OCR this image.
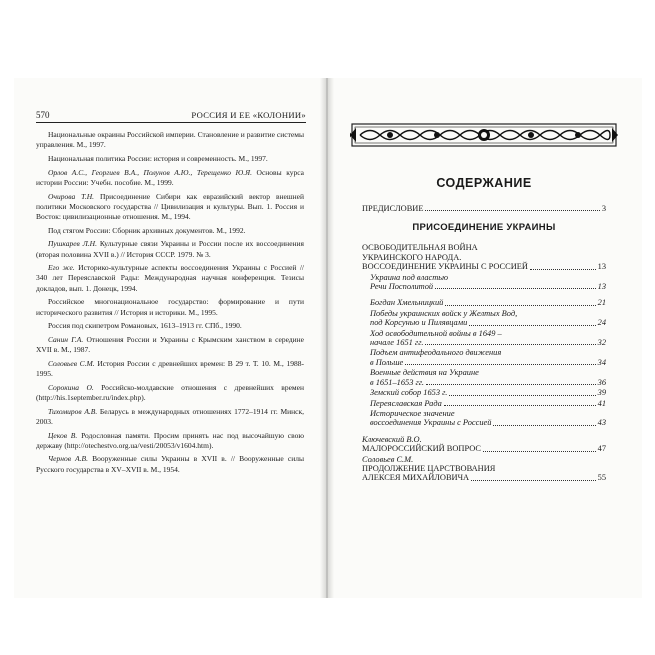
570	РОССИЯ И ЕЕ «КОЛОНИИ»

Национальные окраины Российской империи. Становление и развитие системы управления. М., 1997.

Национальная политика России: история и современность. М., 1997.

Орлов А.С., Георгиев В.А., Полунов А.Ю., Терещенко Ю.Я. Основы курса истории России: Учебн. пособие. М., 1999.

Очирова Т.Н. Присоединение Сибири как евразийский вектор внешней политики Московского государства // Цивилизация и культуры. Вып. 1. Россия и Восток: цивилизационные отношения. М., 1994.

Под стягом России: Сборник архивных документов. М., 1992.

Пушкарев Л.Н. Культурные связи Украины и России после их воссоединения (вторая половина XVII в.) // История СССР. 1979. № 3.

Его же. Историко-культурные аспекты воссоединения Украины с Россией // 340 лет Переяславской Рады: Международная научная конференция. Тезисы докладов, вып. 1. Донецк, 1994.

Российское многонациональное государство: формирование и пути исторического развития // История и историки. М., 1995.

Россия под скипетром Романовых, 1613–1913 гг. СПб., 1990.

Санин Г.А. Отношения России и Украины с Крымским ханством в середине XVII в. М., 1987.

Соловьев С.М. История России с древнейших времен: В 29 т. Т. 10. М., 1988-1995.

Сорокина О. Российско-молдавские отношения с древнейших времен (http://his.1september.ru/index.php).

Тихомиров А.В. Беларусь в международных отношениях 1772–1914 гг. Минск, 2003.

Цеков В. Родословная памяти. Просим принять нас под высочайшую свою державу (http://otechestvo.org.ua/vesti/20053/v1604.htm).

Чернов А.В. Вооруженные силы Украины в XVII в. // Вооруженные силы Русского государства в XV–XVII в. М., 1954.

СОДЕРЖАНИЕ
ПРЕДИСЛОВИЕ	3
ПРИСОЕДИНЕНИЕ УКРАИНЫ
ОСВОБОДИТЕЛЬНАЯ ВОЙНА
УКРАИНСКОГО НАРОДА.
ВОССОЕДИНЕНИЕ УКРАИНЫ С РОССИЕЙ	13
Украина под властью
Речи Посполитой	13
Богдан Хмельницкий	21
Победы украинских войск у Желтых Вод,
под Корсунью и Пилявцами	24
Ход освободительной войны в 1649 –
начале 1651 гг.	32
Подъем антифеодального движения
в Польше	34
Военные действия на Украине
в 1651–1653 гг.	36
Земский собор 1653 г.	39
Переяславская Рада	41
Историческое значение
воссоединения Украины с Россией	43
Ключевский В.О.
МАЛОРОССИЙСКИЙ ВОПРОС	47
Соловьев С.М.
ПРОДОЛЖЕНИЕ ЦАРСТВОВАНИЯ
АЛЕКСЕЯ МИХАЙЛОВИЧА	55
